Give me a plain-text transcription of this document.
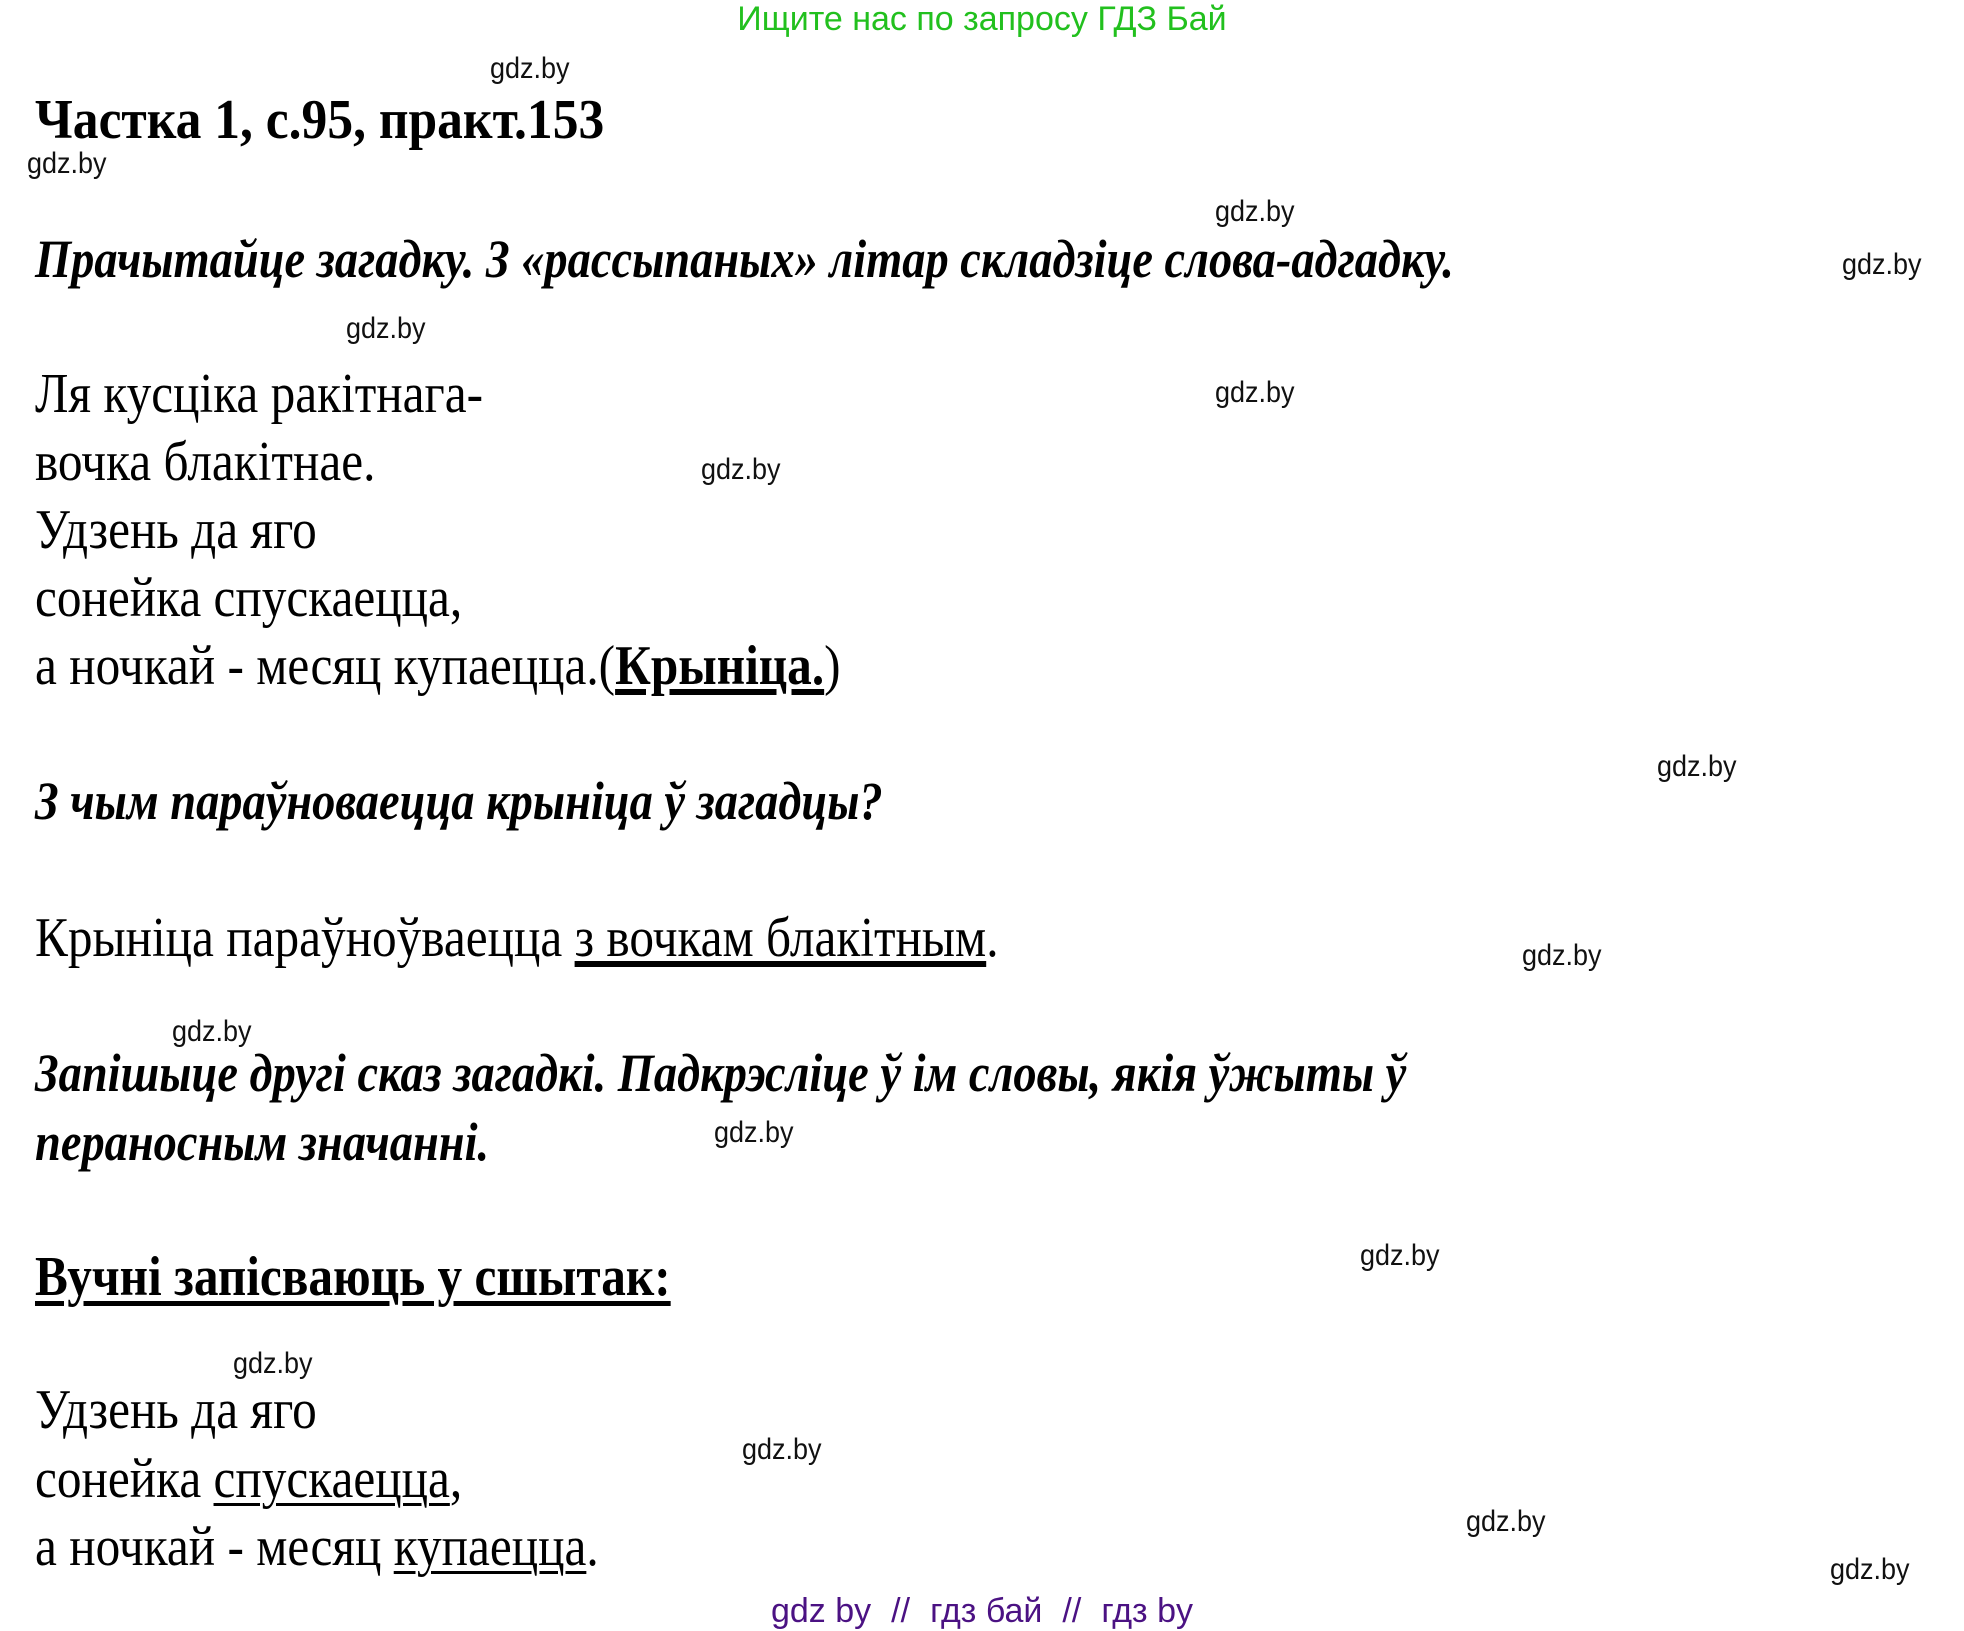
Ищите нас по запросу ГДЗ Бай
gdz.by
gdz.by
gdz.by
gdz.by
gdz.by
gdz.by
gdz.by
gdz.by
gdz.by
gdz.by
gdz.by
gdz.by
gdz.by
gdz.by
gdz.by
gdz.by
Частка 1, с.95, практ.153
Прачытайце загадку. З «рассыпаных» літар складзіце слова-адгадку.
Ля кусціка ракітнага-
вочка блакітнае.
Удзень да яго
сонейка спускаецца,
а ночкай - месяц купаецца.(Крыніца.)
З чым параўноваецца крыніца ў загадцы?
Крыніца параўноўваецца з вочкам блакітным.
Запішыце другі сказ загадкі. Падкрэсліце ў ім словы, якія ўжыты ў
пераносным значанні.
Вучні запісваюць у сшытак:
Удзень да яго
сонейка спускаецца,
а ночкай - месяц купаецца.
gdz by // гдз бай // гдз by
